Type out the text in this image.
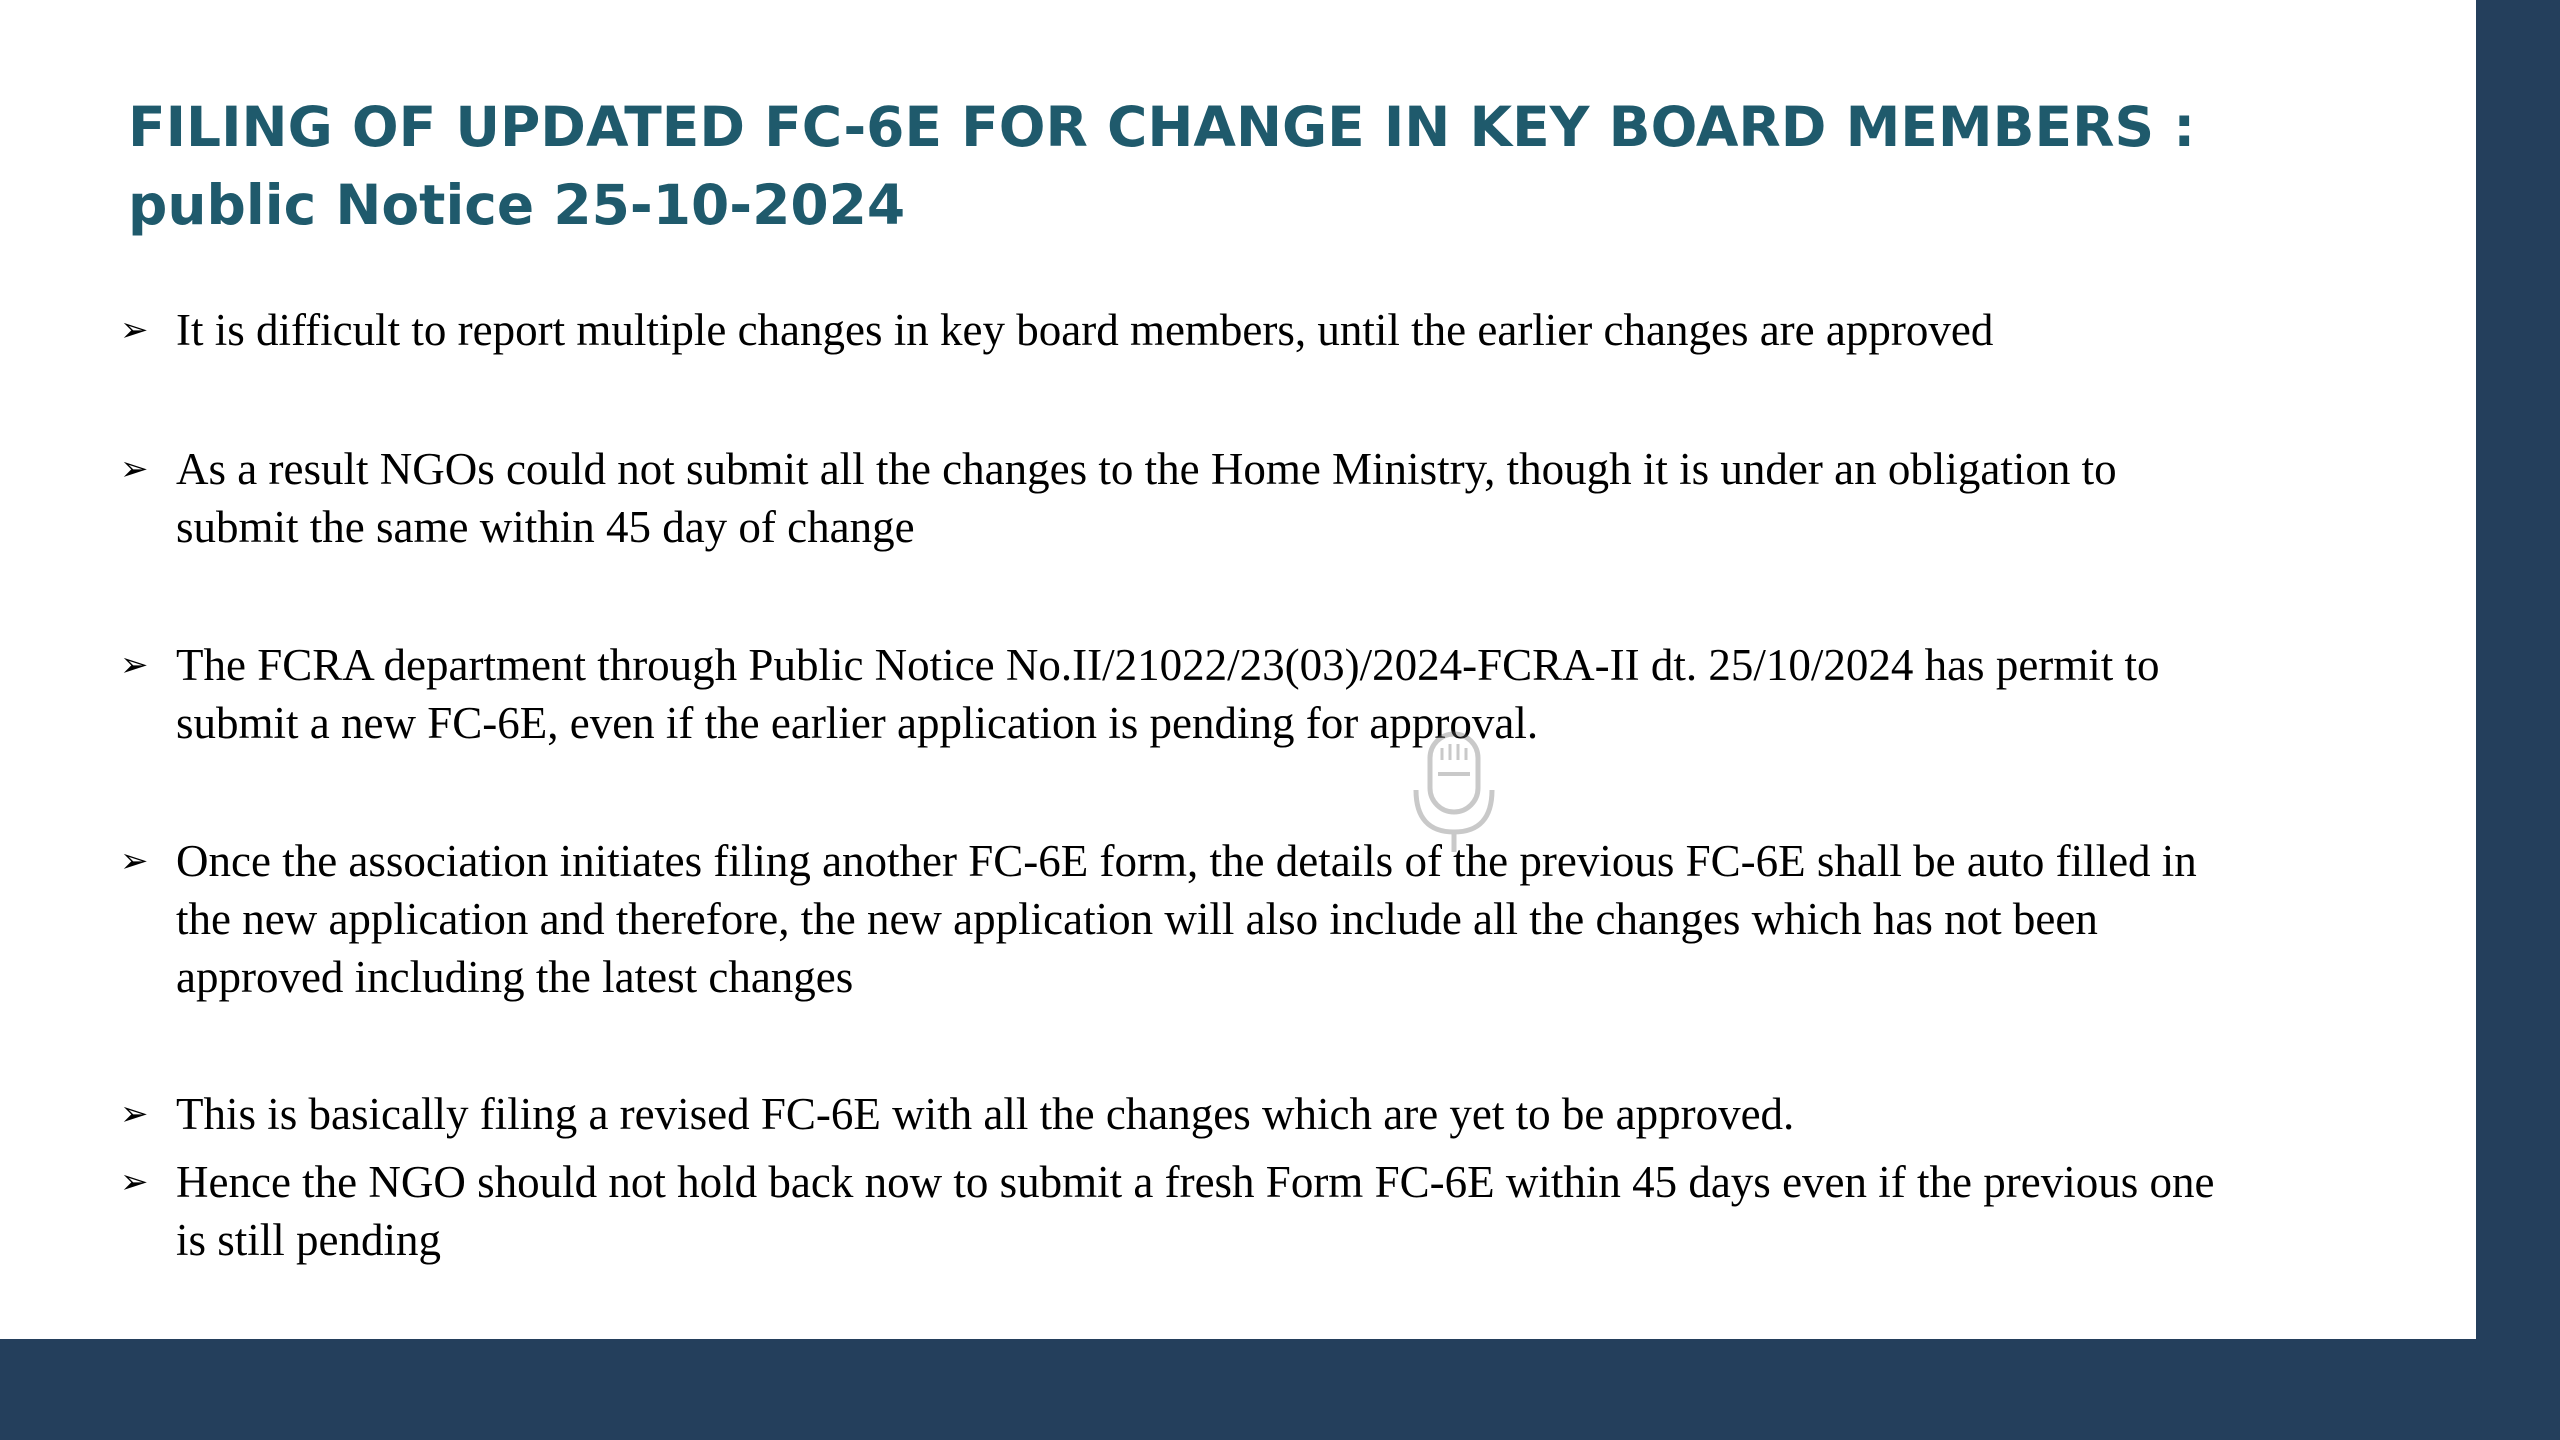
FILING OF UPDATED FC-6E FOR CHANGE IN KEY BOARD MEMBERS :
public Notice 25-10-2024
➢ It is difficult to report multiple changes in key board members, until the earlier changes are approved
➢ As a result NGOs could not submit all the changes to the Home Ministry, though it is under an obligation to
submit the same within 45 day of change
➢ The FCRA department through Public Notice No.II/21022/23(03)/2024-FCRA-II dt. 25/10/2024 has permit to
submit a new FC-6E, even if the earlier application is pending for approval.
➢ Once the association initiates filing another FC-6E form, the details of the previous FC-6E shall be auto filled in
the new application and therefore, the new application will also include all the changes which has not been
approved including the latest changes
➢ This is basically filing a revised FC-6E with all the changes which are yet to be approved.
➢ Hence the NGO should not hold back now to submit a fresh Form FC-6E within 45 days even if the previous one
is still pending
